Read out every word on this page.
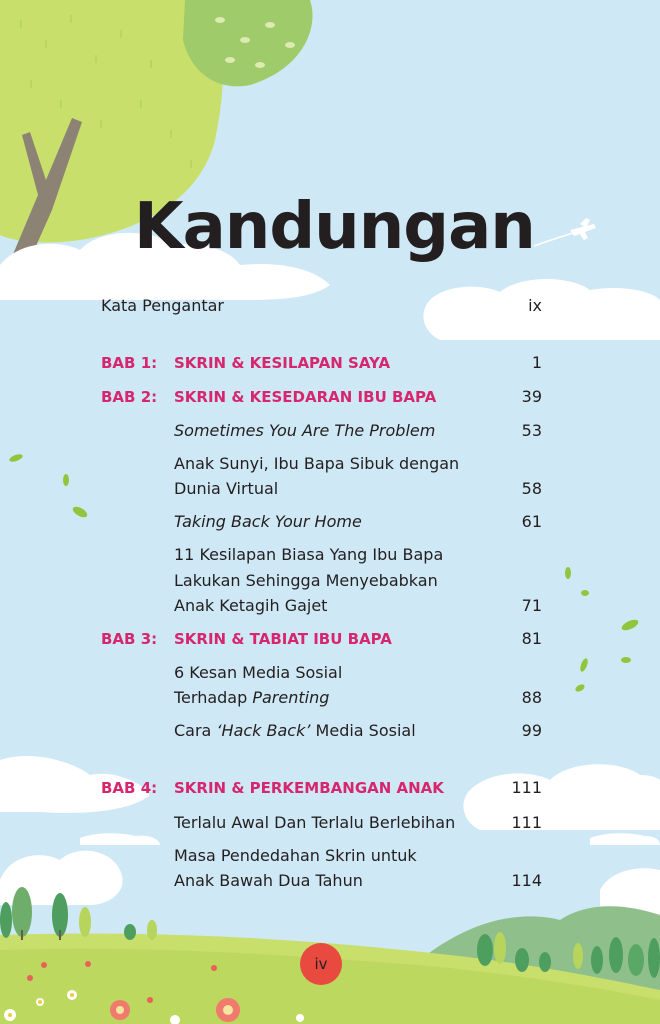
Kandungan
Kata Pengantar	ix
BAB 1: SKRIN & KESILAPAN SAYA	1
BAB 2: SKRIN & KESEDARAN IBU BAPA	39
Sometimes You Are The Problem	53
Anak Sunyi, Ibu Bapa Sibuk dengan
Dunia Virtual	58
Taking Back Your Home	61
11 Kesilapan Biasa Yang Ibu Bapa
Lakukan Sehingga Menyebabkan
Anak Ketagih Gajet	71
BAB 3: SKRIN & TABIAT IBU BAPA	81
6 Kesan Media Sosial
Terhadap Parenting	88
Cara ‘Hack Back’ Media Sosial	99
BAB 4: SKRIN & PERKEMBANGAN ANAK	111
Terlalu Awal Dan Terlalu Berlebihan	111
Masa Pendedahan Skrin untuk
Anak Bawah Dua Tahun	114
iv
